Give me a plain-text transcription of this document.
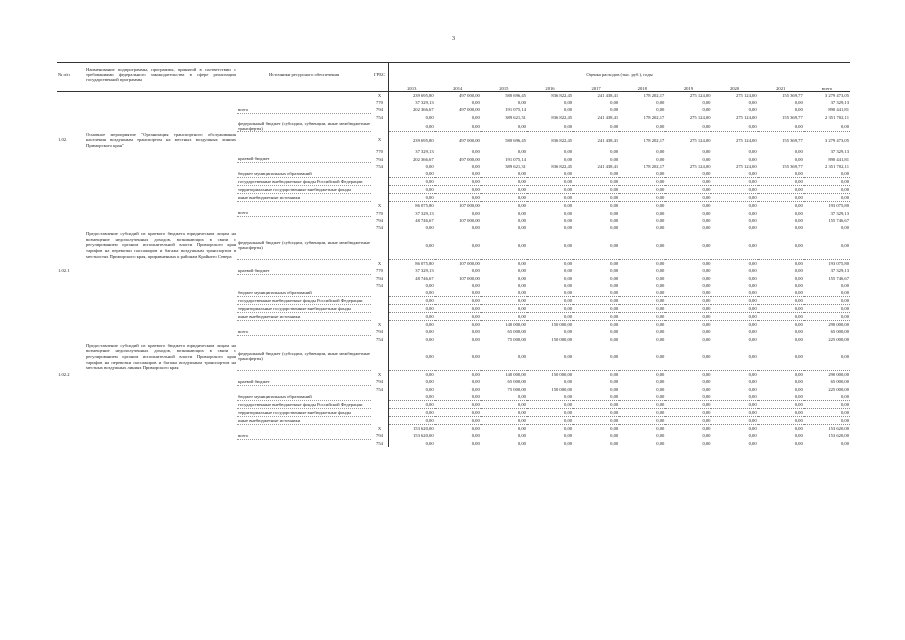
3
№ п/п	Наименование подпрограммы, программы, принятой в соответствии с требованиями федерального законодательства в сфере реализации государственной программы	Источники ресурсного обеспечения	ГРБС	Оценка расходов (тыс. руб.), годы									
				2013	2014	2015	2016	2017	2018	2019	2020	2021	всего
			X	239 695,80	497 000,00	580 696,45	836 822,45	241 438,41	178 202,17	275 124,00	275 124,00	155 369,77	3 279 473,05
			770	37 329,13	0,00	0,00	0,00	0,00	0,00	0,00	0,00	0,00	37 329,13
		всего	794	202 366,67	497 000,00	191 075,14	0,00	0,00	0,00	0,00	0,00	0,00	890 441,81
			754	0,00	0,00	389 621,31	836 822,45	241 438,41	178 202,17	275 124,00	275 124,00	155 369,77	2 351 702,11
		федеральный бюджет (субсидии, субвенции, иные межбюджетные трансферты)		0,00	0,00	0,00	0,00	0,00	0,00	0,00	0,00	0,00	0,00
1.02.	Основное мероприятие "Организация транспортного обслуживания населения воздушным транспортом на местных воздушных линиях Приморского края"		X	239 695,80	497 000,00	580 696,45	836 822,45	241 438,41	178 202,17	275 124,00	275 124,00	155 369,77	3 279 473,05
			770	37 329,13	0,00	0,00	0,00	0,00	0,00	0,00	0,00	0,00	37 329,13
		краевой бюджет	794	202 366,67	497 000,00	191 075,14	0,00	0,00	0,00	0,00	0,00	0,00	890 441,81
			754	0,00	0,00	389 621,31	836 822,45	241 438,41	178 202,17	275 124,00	275 124,00	155 369,77	2 351 702,11
		бюджет муниципальных образований		0,00	0,00	0,00	0,00	0,00	0,00	0,00	0,00	0,00	0,00
		государственные внебюджетные фонды Российской Федерации		0,00	0,00	0,00	0,00	0,00	0,00	0,00	0,00	0,00	0,00
		территориальные государственные внебюджетные фонды		0,00	0,00	0,00	0,00	0,00	0,00	0,00	0,00	0,00	0,00
		иные внебюджетные источники		0,00	0,00	0,00	0,00	0,00	0,00	0,00	0,00	0,00	0,00
			X	86 075,80	107 000,00	0,00	0,00	0,00	0,00	0,00	0,00	0,00	193 075,80
		всего	770	37 329,13	0,00	0,00	0,00	0,00	0,00	0,00	0,00	0,00	37 329,13
			794	48 746,67	107 000,00	0,00	0,00	0,00	0,00	0,00	0,00	0,00	155 746,67
			754	0,00	0,00	0,00	0,00	0,00	0,00	0,00	0,00	0,00	0,00
	Предоставление субсидий из краевого бюджета юридическим лицам на возмещение недополученных доходов, возникающих в связи с регулированием органом исполнительной власти Приморского края тарифов на перевозки пассажиров и багажа воздушным транспортом в местностях Приморского края, приравненных к районам Крайнего Севера	федеральный бюджет (субсидии, субвенции, иные межбюджетные трансферты)		0,00	0,00	0,00	0,00	0,00	0,00	0,00	0,00	0,00	0,00
			X	86 075,80	107 000,00	0,00	0,00	0,00	0,00	0,00	0,00	0,00	193 075,80
1.02.1		краевой бюджет	770	37 329,13	0,00	0,00	0,00	0,00	0,00	0,00	0,00	0,00	37 329,13
			794	48 746,67	107 000,00	0,00	0,00	0,00	0,00	0,00	0,00	0,00	155 746,67
			754	0,00	0,00	0,00	0,00	0,00	0,00	0,00	0,00	0,00	0,00
		бюджет муниципальных образований		0,00	0,00	0,00	0,00	0,00	0,00	0,00	0,00	0,00	0,00
		государственные внебюджетные фонды Российской Федерации		0,00	0,00	0,00	0,00	0,00	0,00	0,00	0,00	0,00	0,00
		территориальные государственные внебюджетные фонды		0,00	0,00	0,00	0,00	0,00	0,00	0,00	0,00	0,00	0,00
		иные внебюджетные источники		0,00	0,00	0,00	0,00	0,00	0,00	0,00	0,00	0,00	0,00
			X	0,00	0,00	140 000,00	150 000,00	0,00	0,00	0,00	0,00	0,00	290 000,00
		всего	794	0,00	0,00	65 000,00	0,00	0,00	0,00	0,00	0,00	0,00	65 000,00
			754	0,00	0,00	75 000,00	150 000,00	0,00	0,00	0,00	0,00	0,00	225 000,00
	Предоставление субсидий из краевого бюджета юридическим лицам на возмещение недополученных доходов, возникающих в связи с регулированием органом исполнительной власти Приморского края тарифов на перевозки пассажиров и багажа воздушным транспортом на местных воздушных линиях Приморского края	федеральный бюджет (субсидии, субвенции, иные межбюджетные трансферты)		0,00	0,00	0,00	0,00	0,00	0,00	0,00	0,00	0,00	0,00
1.02.2			X	0,00	0,00	140 000,00	150 000,00	0,00	0,00	0,00	0,00	0,00	290 000,00
		краевой бюджет	794	0,00	0,00	65 000,00	0,00	0,00	0,00	0,00	0,00	0,00	65 000,00
			754	0,00	0,00	75 000,00	150 000,00	0,00	0,00	0,00	0,00	0,00	225 000,00
		бюджет муниципальных образований		0,00	0,00	0,00	0,00	0,00	0,00	0,00	0,00	0,00	0,00
		государственные внебюджетные фонды Российской Федерации		0,00	0,00	0,00	0,00	0,00	0,00	0,00	0,00	0,00	0,00
		территориальные государственные внебюджетные фонды		0,00	0,00	0,00	0,00	0,00	0,00	0,00	0,00	0,00	0,00
		иные внебюджетные источники		0,00	0,00	0,00	0,00	0,00	0,00	0,00	0,00	0,00	0,00
			X	153 620,00	0,00	0,00	0,00	0,00	0,00	0,00	0,00	0,00	153 620,00
		всего	794	153 620,00	0,00	0,00	0,00	0,00	0,00	0,00	0,00	0,00	153 620,00
			754	0,00	0,00	0,00	0,00	0,00	0,00	0,00	0,00	0,00	0,00
